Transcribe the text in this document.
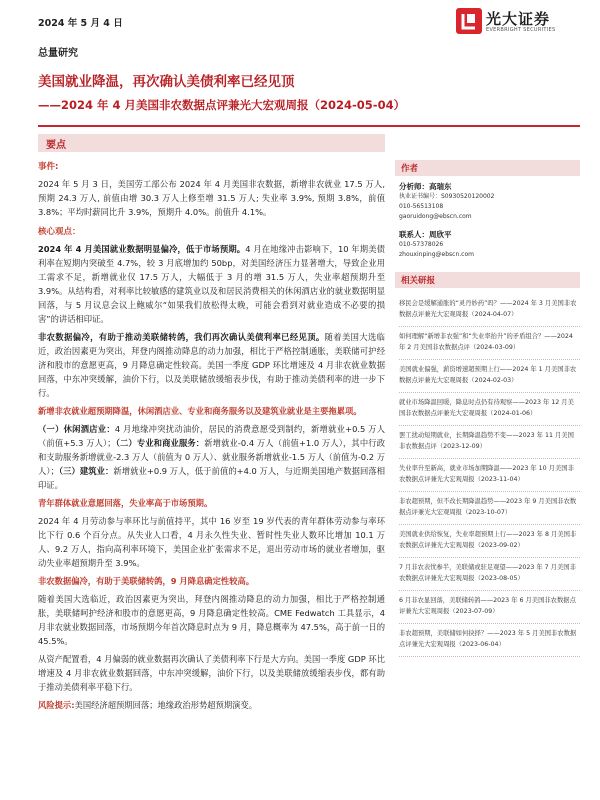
2024 年 5 月 4 日	光大证券
EVERBRIGHT SECURITIES
总量研究
美国就业降温，再次确认美债利率已经见顶
——2024 年 4 月美国非农数据点评兼光大宏观周报（2024-05-04）
要点
事件:

2024 年 5 月 3 日，美国劳工部公布 2024 年 4 月美国非农数据，新增非农就业 17.5 万人, 预期 24.3 万人, 前值由增 30.3 万人上修至增 31.5 万人; 失业率 3.9%, 预期 3.8%，前值 3.8%；平均时薪同比升 3.9%，预期升 4.0%。前值升 4.1%。

核心观点：

2024 年 4 月美国就业数据明显偏冷，低于市场预期。4 月在地缘冲击影响下，10 年期美债利率在短期内突破至 4.7%，较 3 月底增加约 50bp，对美国经济压力显著增大，导致企业用工需求不足，新增就业仅 17.5 万人，大幅低于 3 月的增 31.5 万人，失业率超预期升至 3.9%。从结构看，对利率比较敏感的建筑业以及和居民消费相关的休闲酒店业的就业数据明显回落，与 5 月议息会议上鲍威尔“如果我们放松得太晚，可能会看到对就业造成不必要的损害”的讲话相印证。

非农数据偏冷，有助于推动美联储转鸽，我们再次确认美债利率已经见顶。随着美国大选临近，政治因素更为突出，拜登内阁推动降息的动力加强，相比于严格控制通胀，美联储可护经济和股市的意愿更高，9 月降息确定性较高。美国一季度 GDP 环比增速及 4 月非农就业数据回落，中东冲突缓解，油价下行，以及美联储放缓缩表步伐，有助于推动美债利率的进一步下行。

新增非农就业超预期降温，休闲酒店业、专业和商务服务以及建筑业就业是主要拖累项。

（一）休闲酒店业：4 月地缘冲突扰动油价，居民的消费意愿受到制约，新增就业+0.5 万人（前值+5.3 万人）；（二）专业和商业服务：新增就业-0.4 万人（前值+1.0 万人），其中行政和支助服务新增就业-2.3 万人（前值为 0 万人）、就业服务新增就业-1.5 万人（前值为-0.2 万人）；（三）建筑业：新增就业+0.9 万人，低于前值的+4.0 万人，与近期美国地产数据回落相印证。

青年群体就业意愿回落，失业率高于市场预期。

2024 年 4 月劳动参与率环比与前值持平，其中 16 岁至 19 岁代表的青年群体劳动参与率环比下行 0.6 个百分点。从失业人口看，4 月永久性失业、暂时性失业人数环比增加 10.1 万人、9.2 万人，指向高利率环境下，美国企业扩张需求不足，退出劳动市场的就业者增加，驱动失业率超预期升至 3.9%。

非农数据偏冷，有助于美联储转鸽，9 月降息确定性较高。

随着美国大选临近，政治因素更为突出，拜登内阁推动降息的动力加强，相比于严格控制通胀，美联储呵护经济和股市的意愿更高，9 月降息确定性较高。CME Fedwatch 工具显示，4 月非农就业数据回落，市场预期今年首次降息时点为 9 月，降息概率为 47.5%，高于前一日的 45.5%。

从资产配置看，4 月偏弱的就业数据再次确认了美债利率下行是大方向。美国一季度 GDP 环比增速及 4 月非农就业数据回落，中东冲突缓解，油价下行，以及美联储放缓缩表步伐，都有助于推动美债利率平稳下行。

风险提示:美国经济超预期回落；地缘政治形势超预期演变。

作者
分析师：高瑞东
执业证书编号：S0930520120002
010-56513108
gaoruidong@ebscn.com
联系人：周欣平
010-57378026
zhouxinping@ebscn.com
相关研报
移民会是缓解通胀的“灵丹妙药”吗？——2024 年 3 月美国非农数据点评兼光大宏观周报（2024-04-07）
如何理解“新增非农强”和“失业率抬升”的矛盾组合？——2024 年 2 月美国非农数据点评（2024-03-09）
美国就业偏强，薪资增速超预期上行——2024 年 1 月美国非农数据点评兼光大宏观周报（2024-02-03）
就业市场降温回暖，降息时点仍有待观察——2023 年 12 月美国非农数据点评兼光大宏观周报（2024-01-06）
罢工扰动短期就业，长期降温趋势不变——2023 年 11 月美国非农数据点评（2023-12-09）
失业率升至新高，就业市场加期降温——2023 年 10 月美国非农数据点评兼光大宏观周报（2023-11-04）
非农超预期，但不改长期降温趋势——2023 年 9 月美国非农数据点评兼光大宏观周报（2023-10-07）
美国就业供给恢复，失业率超预期上行——2023 年 8 月美国非农数据点评兼光大宏观周报（2023-09-02）
7 月非农表忧参半，美联储或驻足观望——2023 年 7 月美国非农数据点评兼光大宏观周报（2023-08-05）
6 月非农显回落，美联储转鸽——2023 年 6 月美国非农数据点评兼光大宏观周报（2023-07-09）
非农超预期，美联储如何抉择？——2023 年 5 月美国非农数据点评兼光大宏观周报（2023-06-04）
